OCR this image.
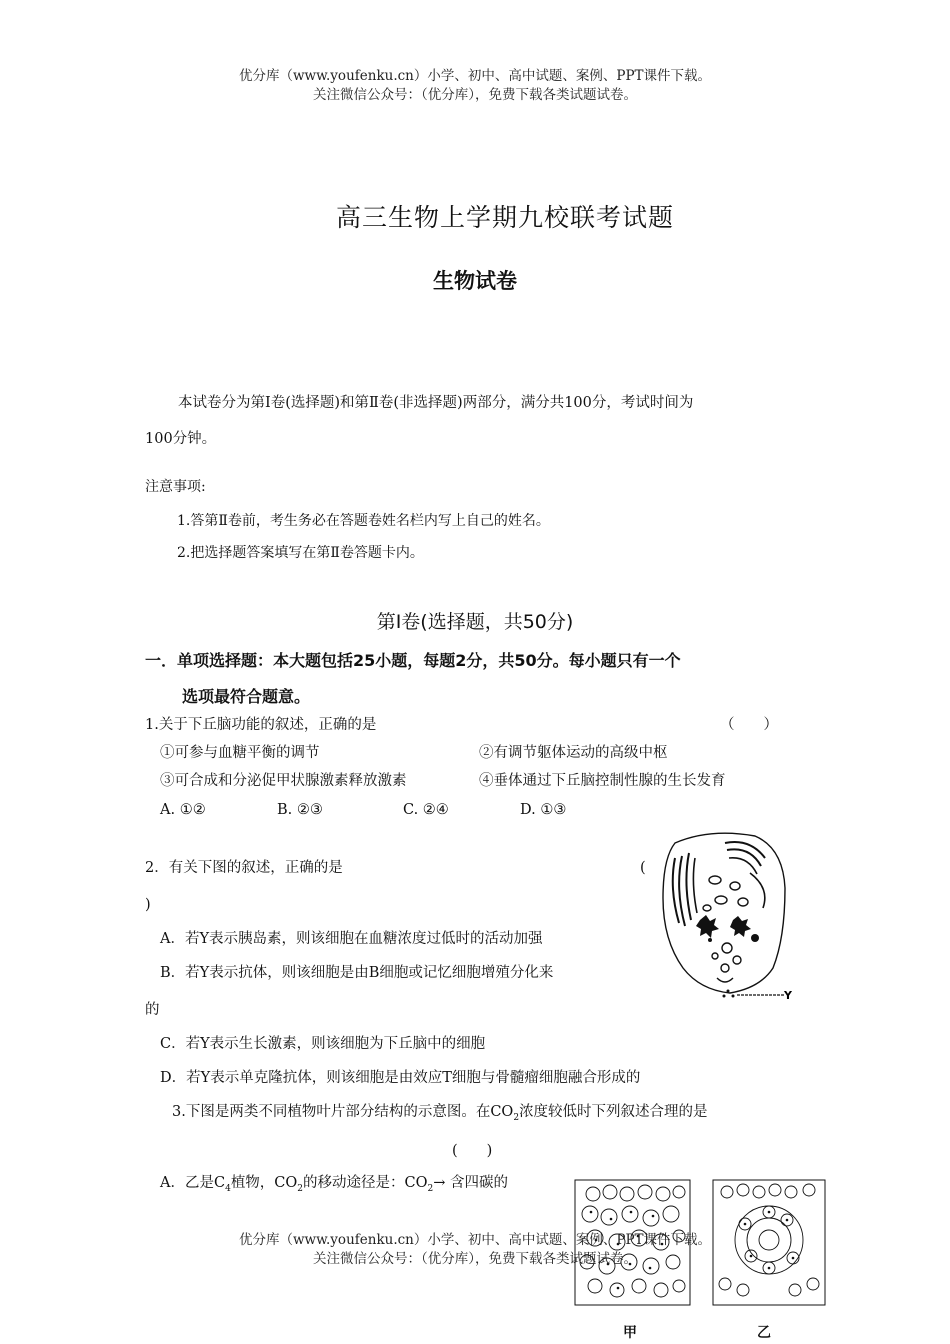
优分库（www.youfenku.cn）小学、初中、高中试题、案例、PPT课件下载。
关注微信公众号：（优分库），免费下载各类试题试卷。
高三生物上学期九校联考试题
生物试卷
本试卷分为第Ⅰ卷(选择题)和第Ⅱ卷(非选择题)两部分，满分共100分，考试时间为
100分钟。
注意事项:
1.答第Ⅱ卷前，考生务必在答题卷姓名栏内写上自己的姓名。
2.把选择题答案填写在第Ⅱ卷答题卡内。
第Ⅰ卷(选择题，共50分)
一．单项选择题：本大题包括25小题，每题2分，共50分。每小题只有一个
选项最符合题意。
1.关于下丘脑功能的叙述，正确的是	（　　）
①可参与血糖平衡的调节	②有调节躯体运动的高级中枢
③可合成和分泌促甲状腺激素释放激素	④垂体通过下丘脑控制性腺的生长发育
A. ①②	B. ②③	C. ②④	D. ①③
2．有关下图的叙述，正确的是	(
)
A．若Y表示胰岛素，则该细胞在血糖浓度过低时的活动加强
B．若Y表示抗体，则该细胞是由B细胞或记忆细胞增殖分化来
的
C．若Y表示生长激素，则该细胞为下丘脑中的细胞
D．若Y表示单克隆抗体，则该细胞是由效应T细胞与骨髓瘤细胞融合形成的
Y
3.下图是两类不同植物叶片部分结构的示意图。在$CO_2$浓度较低时下列叙述合理的是
(　　)
A．乙是$C_4$植物，$CO_2$的移动途径是：$CO_2\to$ 含四碳的
甲	乙
优分库（www.youfenku.cn）小学、初中、高中试题、案例、PPT课件下载。
关注微信公众号：（优分库），免费下载各类试题试卷。
